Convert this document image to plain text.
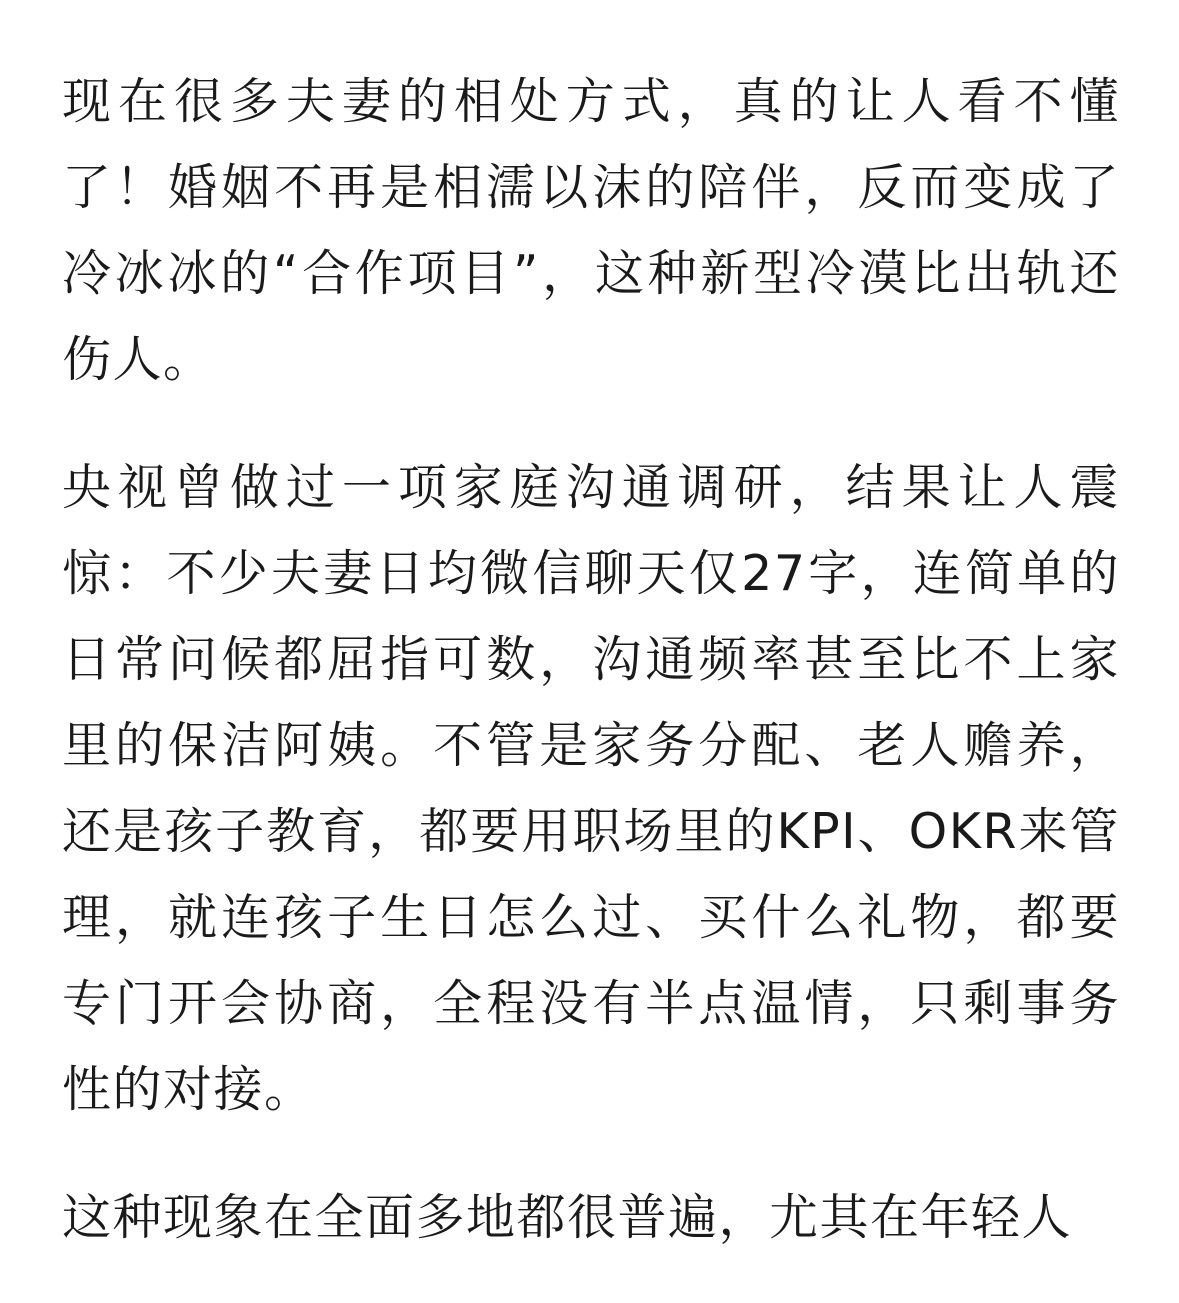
现在很多夫妻的相处方式，真的让人看不懂了！婚姻不再是相濡以沫的陪伴，反而变成了冷冰冰的“合作项目”，这种新型冷漠比出轨还伤人。

央视曾做过一项家庭沟通调研，结果让人震惊：不少夫妻日均微信聊天仅27字，连简单的日常问候都屈指可数，沟通频率甚至比不上家里的保洁阿姨。不管是家务分配、老人赡养，还是孩子教育，都要用职场里的KPI、OKR来管理，就连孩子生日怎么过、买什么礼物，都要专门开会协商，全程没有半点温情，只剩事务性的对接。

这种现象在全面多地都很普遍，尤其在年轻人
